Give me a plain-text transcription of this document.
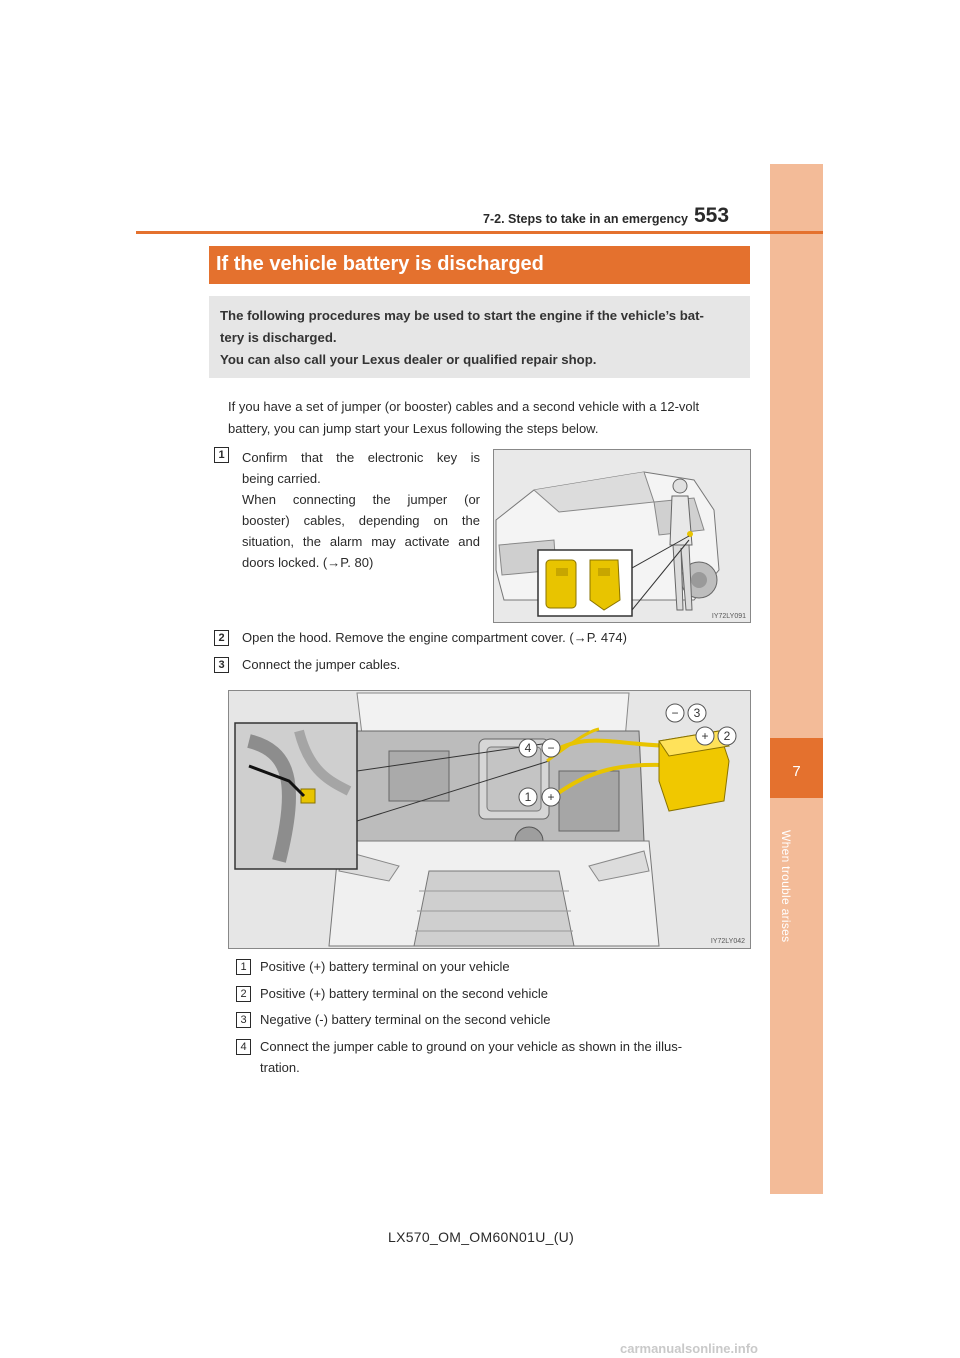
7
When trouble arises
7-2. Steps to take in an emergency 553
If the vehicle battery is discharged
The following procedures may be used to start the engine if the vehicle’s bat-
tery is discharged.
You can also call your Lexus dealer or qualified repair shop.
If you have a set of jumper (or booster) cables and a second vehicle with a 12-volt
battery, you can jump start your Lexus following the steps below.
1	Confirm that the electronic key is
being carried.
When connecting the jumper (or
booster) cables, depending on the
situation, the alarm may activate and
doors locked. (→P. 80)
IY72LY091
2	Open the hood. Remove the engine compartment cover. (→P. 474)
3	Connect the jumper cables.
4 −
1 +
− 3
+ 2
IY72LY042
1	Positive (+) battery terminal on your vehicle
2	Positive (+) battery terminal on the second vehicle
3	Negative (-) battery terminal on the second vehicle
4	Connect the jumper cable to ground on your vehicle as shown in the illus-
tration.
LX570_OM_OM60N01U_(U)
carmanualsonline.info
